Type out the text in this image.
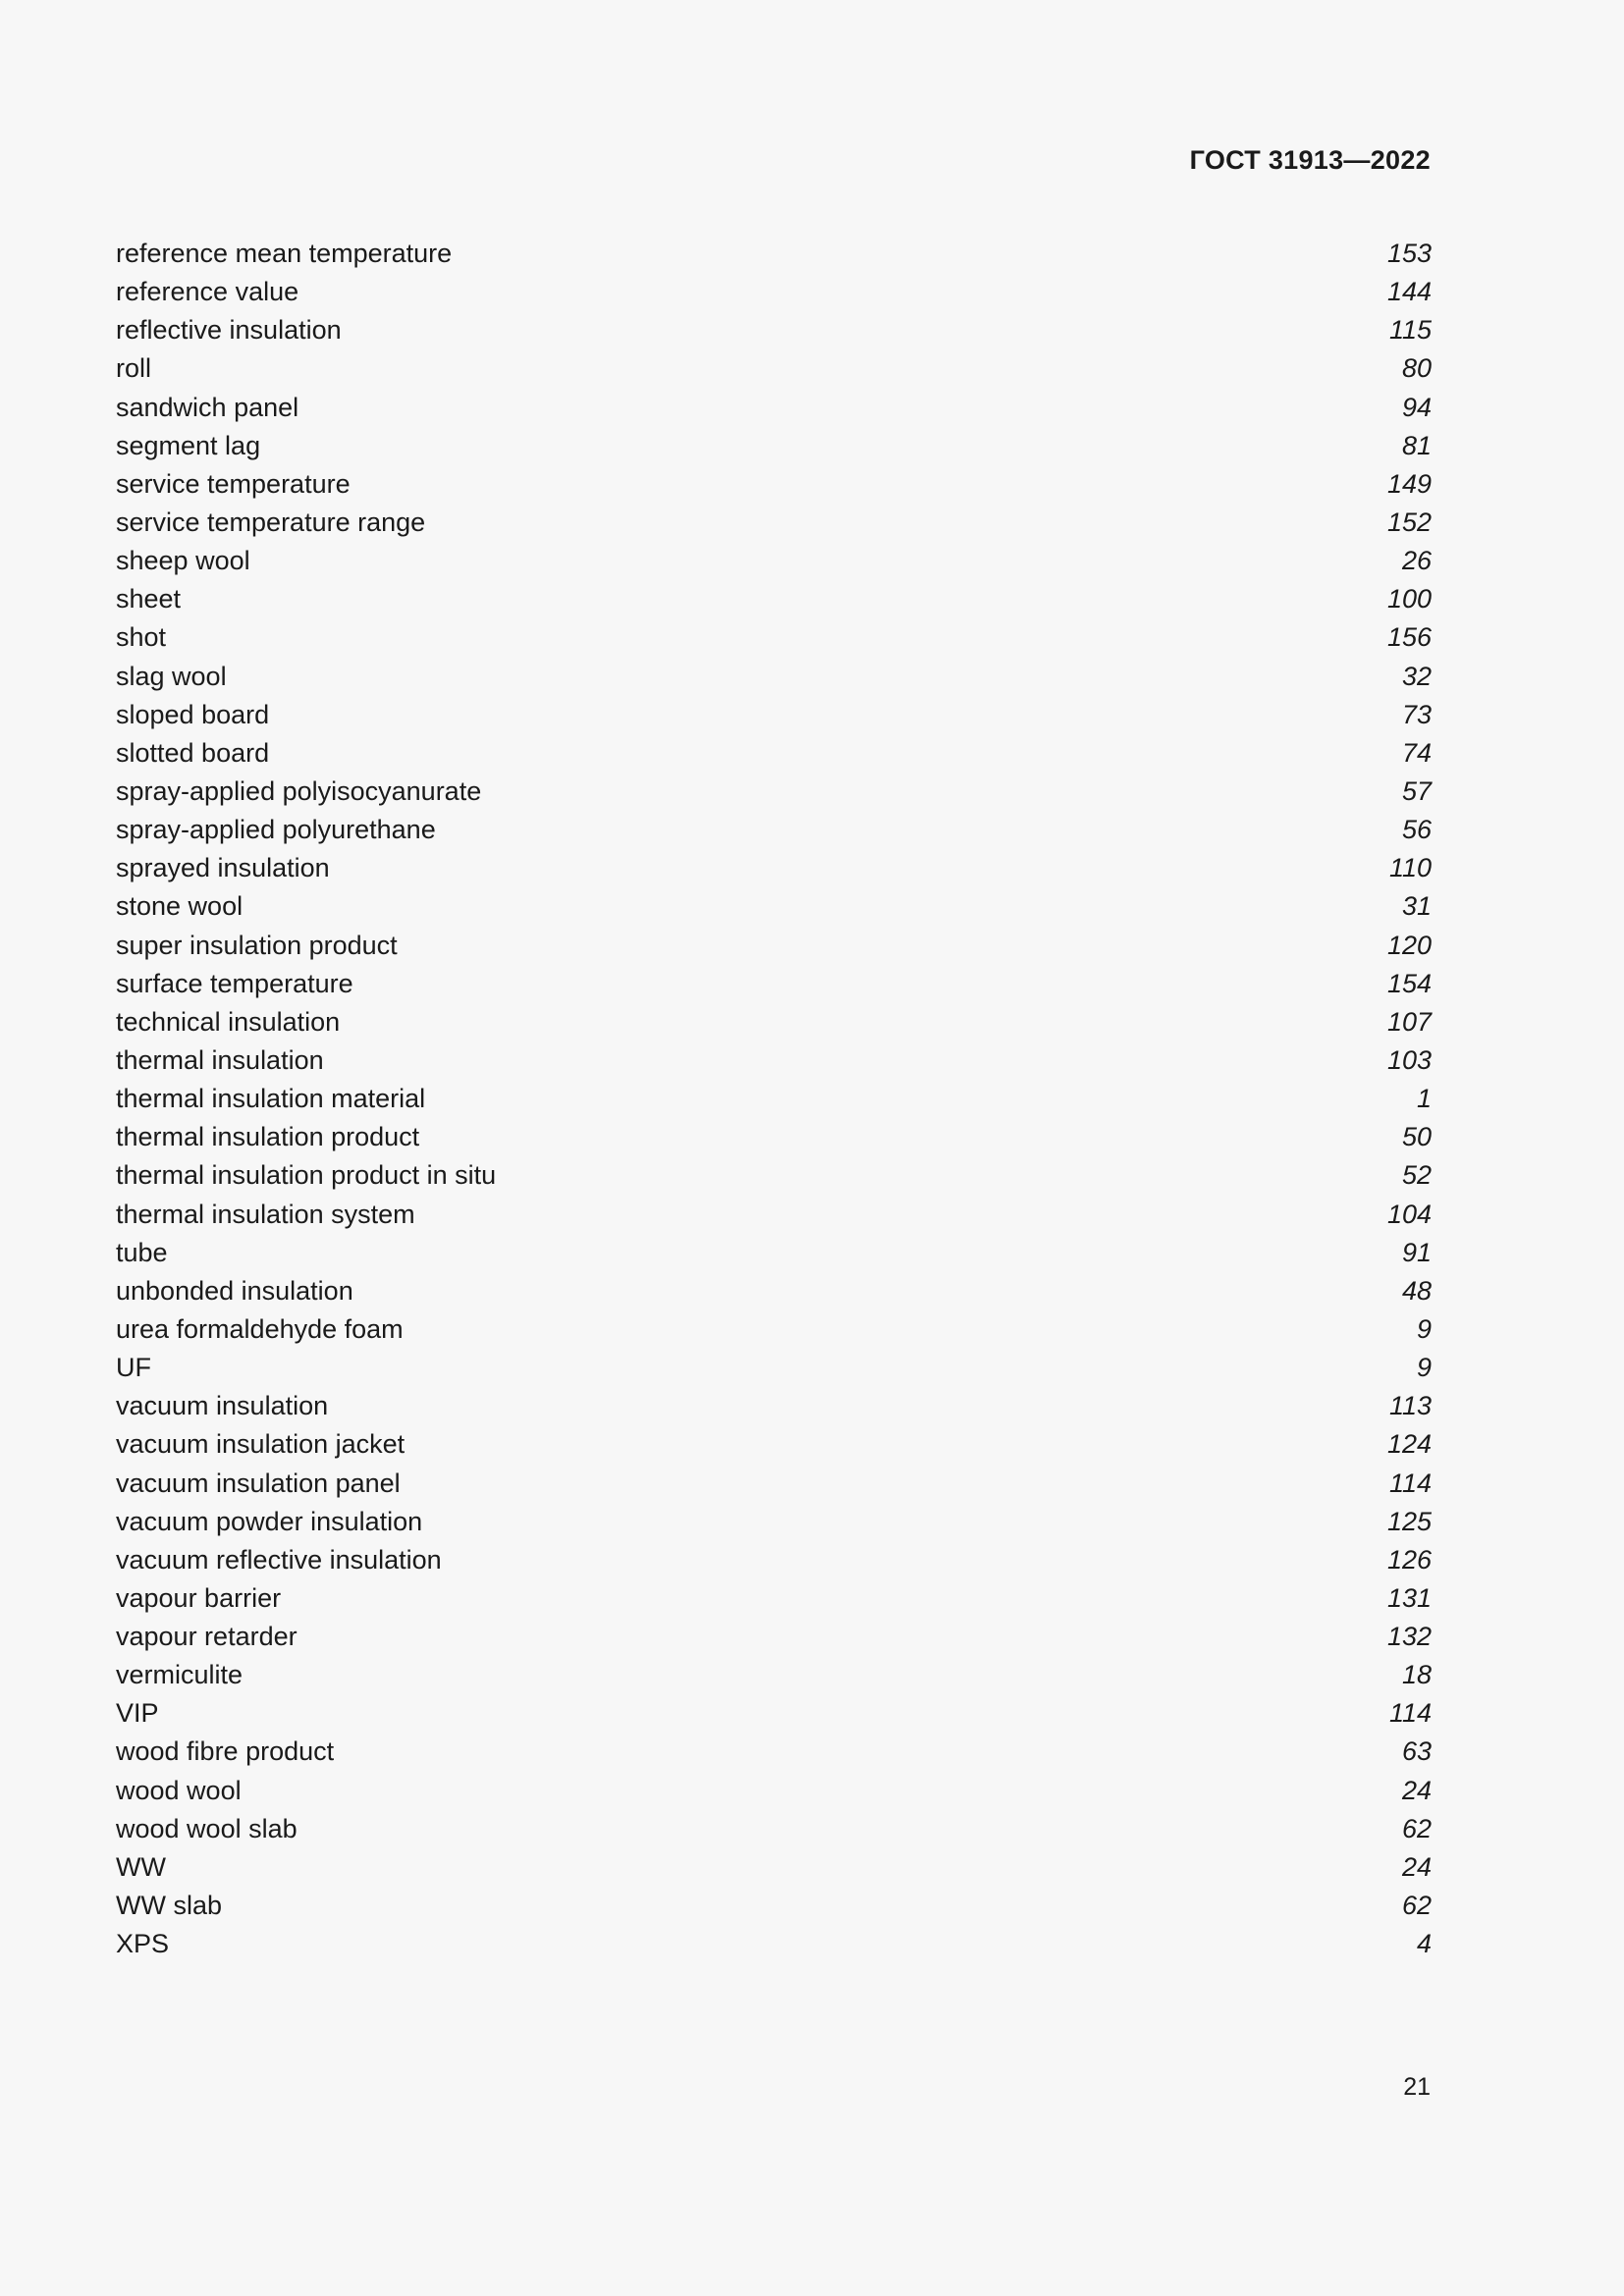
ГОСТ 31913—2022
reference mean temperature	153
reference value	144
reflective insulation	115
roll	80
sandwich panel	94
segment lag	81
service temperature	149
service temperature range	152
sheep wool	26
sheet	100
shot	156
slag wool	32
sloped board	73
slotted board	74
spray-applied polyisocyanurate	57
spray-applied polyurethane	56
sprayed insulation	110
stone wool	31
super insulation product	120
surface temperature	154
technical insulation	107
thermal insulation	103
thermal insulation material	1
thermal insulation product	50
thermal insulation product in situ	52
thermal insulation system	104
tube	91
unbonded insulation	48
urea formaldehyde foam	9
UF	9
vacuum insulation	113
vacuum insulation jacket	124
vacuum insulation panel	114
vacuum powder insulation	125
vacuum reflective insulation	126
vapour barrier	131
vapour retarder	132
vermiculite	18
VIP	114
wood fibre product	63
wood wool	24
wood wool slab	62
WW	24
WW slab	62
XPS	4
21
